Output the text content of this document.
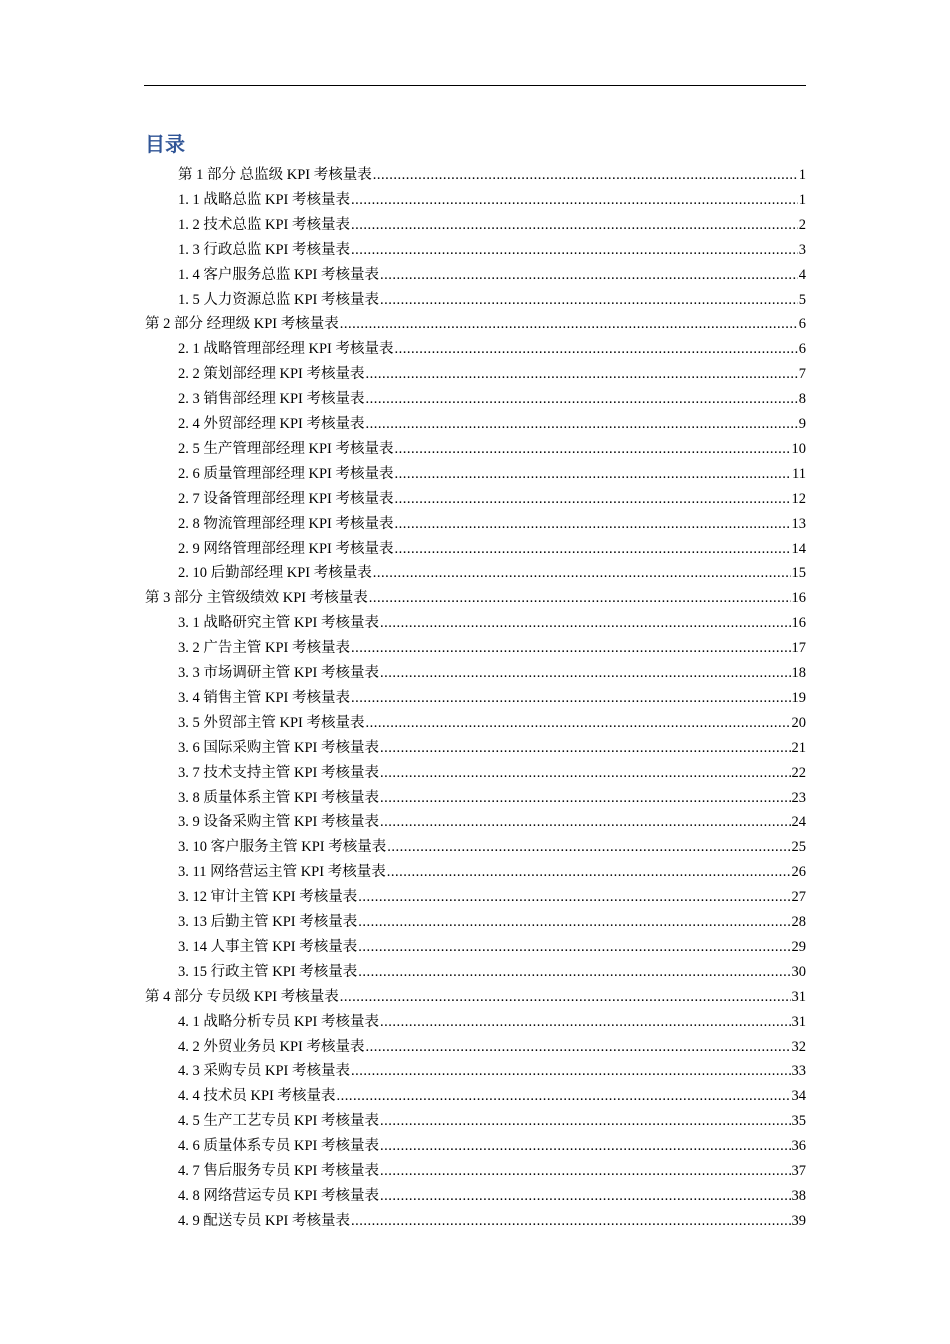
目录
第 1 部分 总监级 KPI 考核量表 .....	1
1. 1 战略总监 KPI 考核量表 .....	1
1. 2 技术总监 KPI 考核量表 .....	2
1. 3 行政总监 KPI 考核量表 .....	3
1. 4 客户服务总监 KPI 考核量表 .....	4
1. 5 人力资源总监 KPI 考核量表 .....	5
第 2 部分 经理级 KPI 考核量表 .....	6
2. 1 战略管理部经理 KPI 考核量表 .....	6
2. 2 策划部经理 KPI 考核量表 .....	7
2. 3 销售部经理 KPI 考核量表 .....	8
2. 4 外贸部经理 KPI 考核量表 .....	9
2. 5 生产管理部经理 KPI 考核量表 .....	10
2. 6 质量管理部经理 KPI 考核量表 .....	11
2. 7 设备管理部经理 KPI 考核量表 .....	12
2. 8 物流管理部经理 KPI 考核量表 .....	13
2. 9 网络管理部经理 KPI 考核量表 .....	14
2. 10 后勤部经理 KPI 考核量表 .....	15
第 3 部分 主管级绩效 KPI 考核量表 .....	16
3. 1 战略研究主管 KPI 考核量表 .....	16
3. 2 广告主管 KPI 考核量表 .....	17
3. 3 市场调研主管 KPI 考核量表 .....	18
3. 4 销售主管 KPI 考核量表 .....	19
3. 5 外贸部主管 KPI 考核量表 .....	20
3. 6 国际采购主管 KPI 考核量表 .....	21
3. 7 技术支持主管 KPI 考核量表 .....	22
3. 8 质量体系主管 KPI 考核量表 .....	23
3. 9 设备采购主管 KPI 考核量表 .....	24
3. 10 客户服务主管 KPI 考核量表 .....	25
3. 11 网络营运主管 KPI 考核量表 .....	26
3. 12 审计主管 KPI 考核量表 .....	27
3. 13 后勤主管 KPI 考核量表 .....	28
3. 14 人事主管 KPI 考核量表 .....	29
3. 15 行政主管 KPI 考核量表 .....	30
第 4 部分 专员级 KPI 考核量表 .....	31
4. 1 战略分析专员 KPI 考核量表 .....	31
4. 2 外贸业务员 KPI 考核量表 .....	32
4. 3 采购专员 KPI 考核量表 .....	33
4. 4 技术员 KPI 考核量表 .....	34
4. 5 生产工艺专员 KPI 考核量表 .....	35
4. 6 质量体系专员 KPI 考核量表 .....	36
4. 7 售后服务专员 KPI 考核量表 .....	37
4. 8 网络营运专员 KPI 考核量表 .....	38
4. 9 配送专员 KPI 考核量表 .....	39
